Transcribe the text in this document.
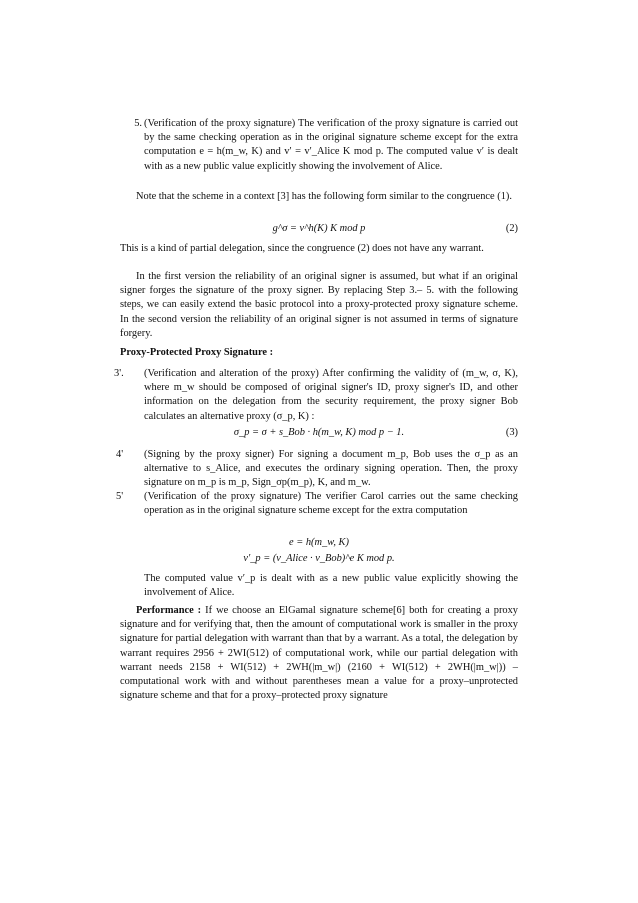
5. (Verification of the proxy signature) The verification of the proxy signature is carried out by the same checking operation as in the original signature scheme except for the extra computation e = h(m_w, K) and v′ = v′_Alice K mod p. The computed value v′ is dealt with as a new public value explicitly showing the involvement of Alice.
Note that the scheme in a context [3] has the following form similar to the congruence (1).
g^σ = v^h(K) K mod p	(2)
This is a kind of partial delegation, since the congruence (2) does not have any warrant.
In the first version the reliability of an original signer is assumed, but what if an original signer forges the signature of the proxy signer. By replacing Step 3.– 5. with the following steps, we can easily extend the basic protocol into a proxy-protected proxy signature scheme. In the second version the reliability of an original signer is not assumed in terms of signature forgery.
Proxy-Protected Proxy Signature :
3'.	(Verification and alteration of the proxy) After confirming the validity of (m_w, σ, K), where m_w should be composed of original signer's ID, proxy signer's ID, and other information on the delegation from the security requirement, the proxy signer Bob calculates an alternative proxy (σ_p, K) :
σ_p = σ + s_Bob · h(m_w, K) mod p − 1.	(3)
4'	(Signing by the proxy signer) For signing a document m_p, Bob uses the σ_p as an alternative to s_Alice, and executes the ordinary signing operation. Then, the proxy signature on m_p is m_p, Sign_σp(m_p), K, and m_w.
5'	(Verification of the proxy signature) The verifier Carol carries out the same checking operation as in the original signature scheme except for the extra computation
e = h(m_w, K)
v′_p = (v_Alice · v_Bob)^e K mod p.
The computed value v′_p is dealt with as a new public value explicitly showing the involvement of Alice.
Performance : If we choose an ElGamal signature scheme[6] both for creating a proxy signature and for verifying that, then the amount of computational work is smaller in the proxy signature for partial delegation with warrant than that by a warrant. As a total, the delegation by warrant requires 2956 + 2WI(512) of computational work, while our partial delegation with warrant needs 2158 + WI(512) + 2WH(|m_w|) (2160 + WI(512) + 2WH(|m_w|)) – computational work with and without parentheses mean a value for a proxy–unprotected signature scheme and that for a proxy–protected proxy signature
